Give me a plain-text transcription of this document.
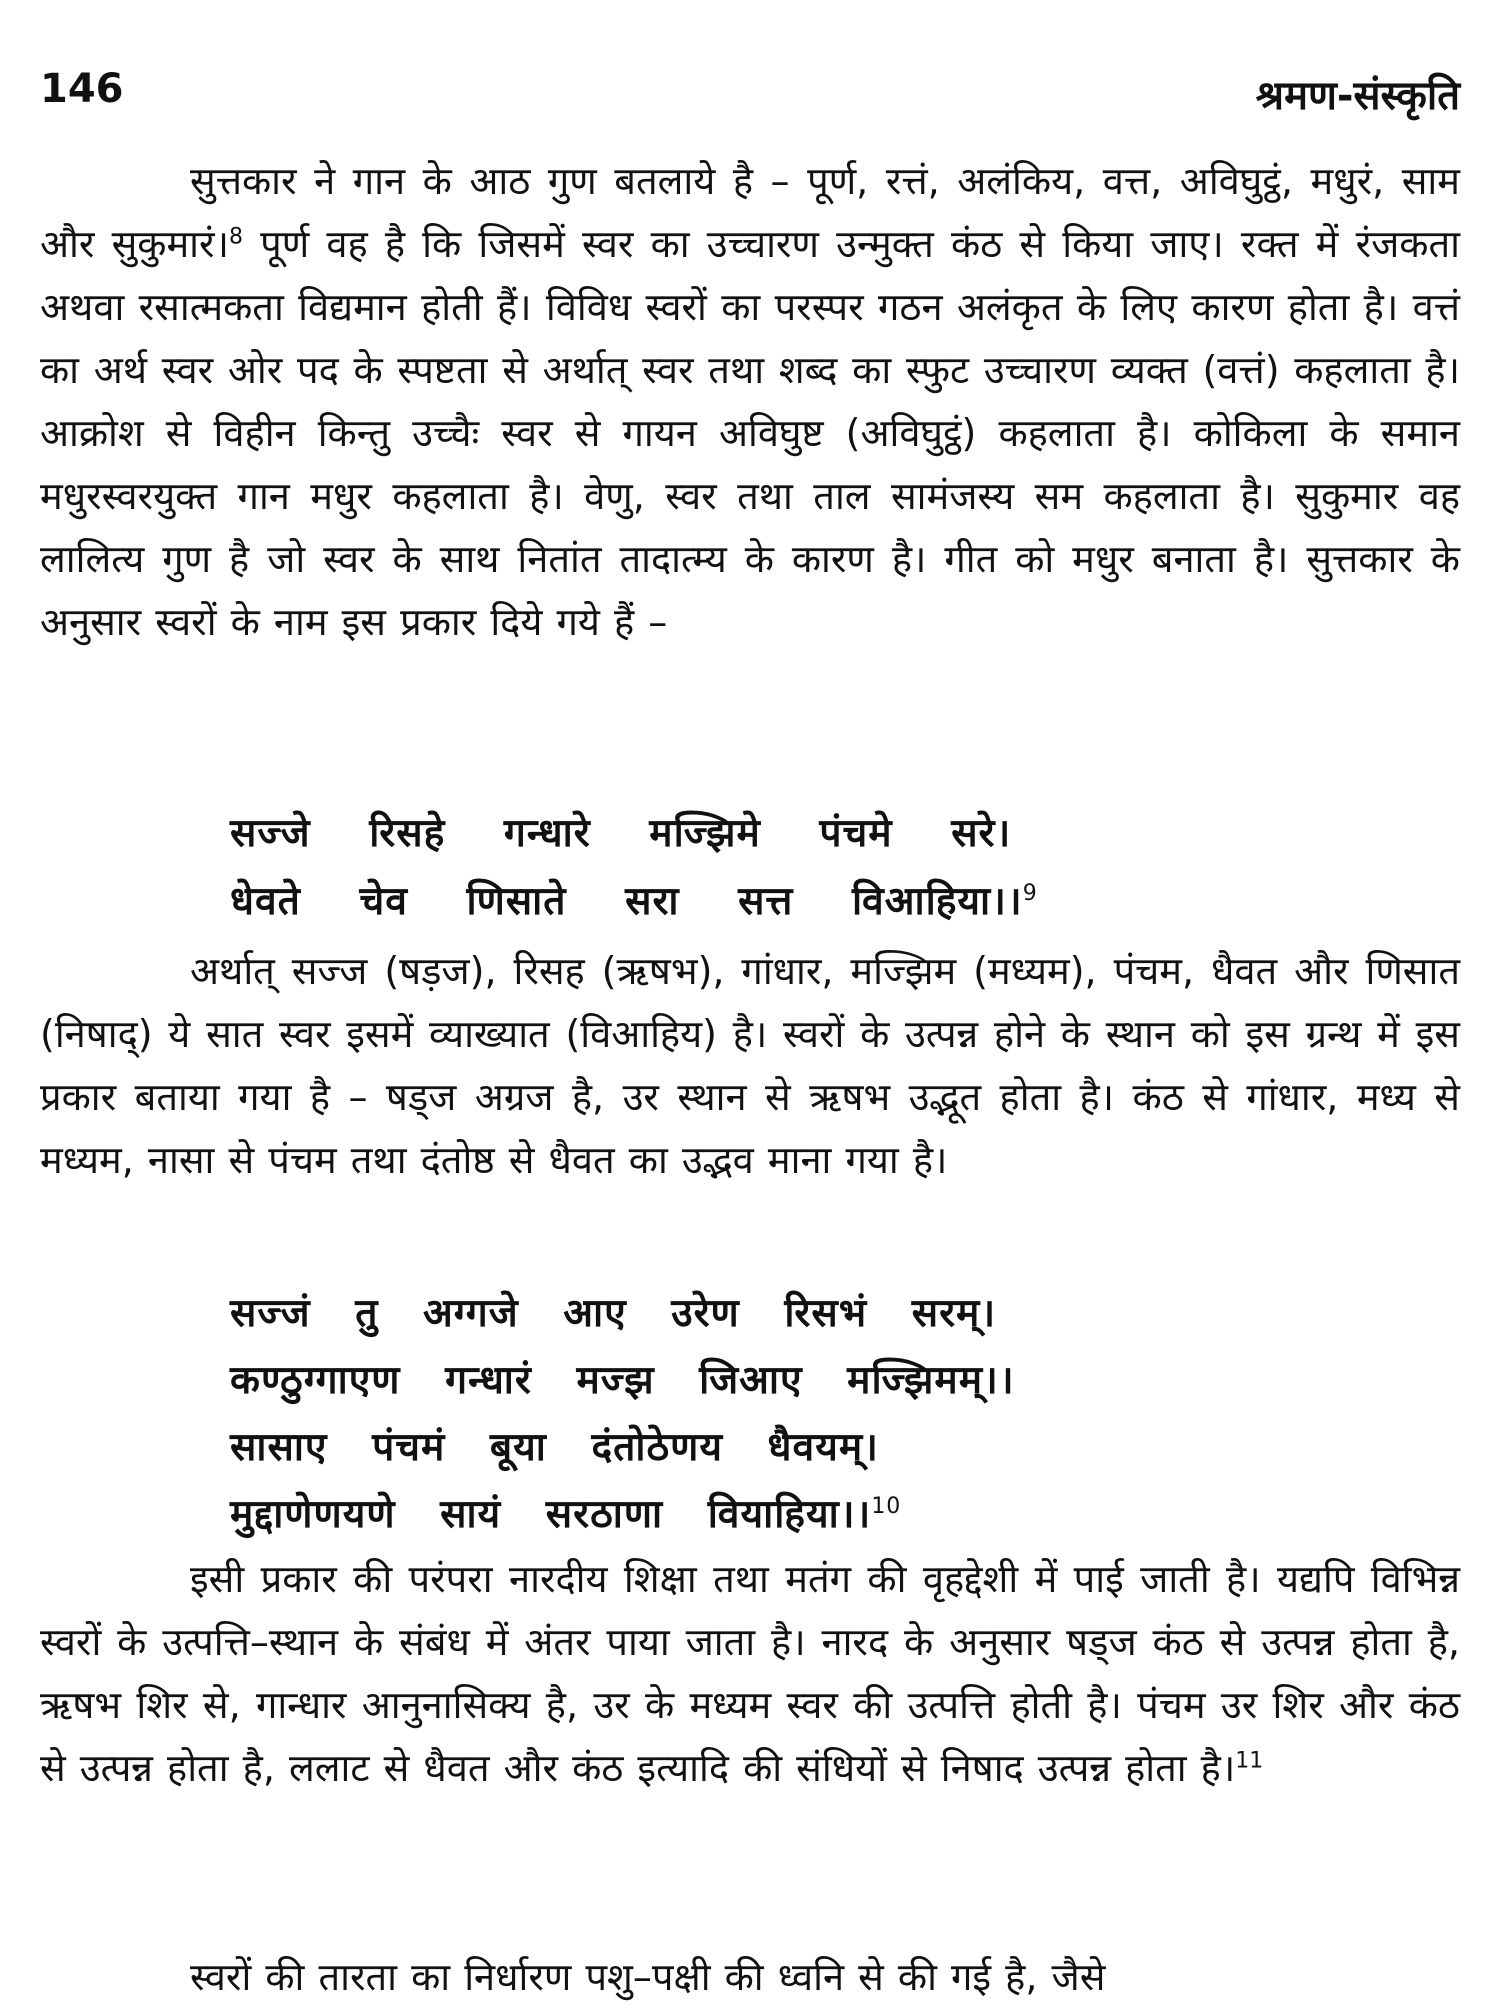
146	श्रमण-संस्कृति
सुत्तकार ने गान के आठ गुण बतलाये है – पूर्ण, रत्तं, अलंकिय, वत्त, अविघुट्ठं, मधुरं, साम और सुकुमारं।$^8$ पूर्ण वह है कि जिसमें स्वर का उच्चारण उन्मुक्त कंठ से किया जाए। रक्त में रंजकता अथवा रसात्मकता विद्यमान होती हैं। विविध स्वरों का परस्पर गठन अलंकृत के लिए कारण होता है। वत्तं का अर्थ स्वर ओर पद के स्पष्टता से अर्थात् स्वर तथा शब्द का स्फुट उच्चारण व्यक्त (वत्तं) कहलाता है। आक्रोश से विहीन किन्तु उच्चैः स्वर से गायन अविघुष्ट (अविघुट्ठं) कहलाता है। कोकिला के समान मधुरस्वरयुक्त गान मधुर कहलाता है। वेणु, स्वर तथा ताल सामंजस्य सम कहलाता है। सुकुमार वह लालित्य गुण है जो स्वर के साथ नितांत तादात्म्य के कारण है। गीत को मधुर बनाता है। सुत्तकार के अनुसार स्वरों के नाम इस प्रकार दिये गये हैं –
सज्जे रिसहे गन्धारे मज्झिमे पंचमे सरे।
धेवते चेव णिसाते सरा सत्त विआहिया।।$^9$
अर्थात् सज्ज (षड़ज), रिसह (ऋषभ), गांधार, मज्झिम (मध्यम), पंचम, धैवत और णिसात (निषाद्) ये सात स्वर इसमें व्याख्यात (विआहिय) है। स्वरों के उत्पन्न होने के स्थान को इस ग्रन्थ में इस प्रकार बताया गया है – षड्ज अग्रज है, उर स्थान से ऋषभ उद्भूत होता है। कंठ से गांधार, मध्य से मध्यम, नासा से पंचम तथा दंतोष्ठ से धैवत का उद्भव माना गया है।
सज्जं तु अग्गजे आए उरेण रिसभं सरम्।
कण्ठुग्गाएण गन्धारं मज्झ जिआए मज्झिमम्।।
सासाए पंचमं बूया दंतोठेणय धैवयम्।
मुद्दाणेणयणे सायं सरठाणा वियाहिया।।$^{10}$
इसी प्रकार की परंपरा नारदीय शिक्षा तथा मतंग की वृहद्देशी में पाई जाती है। यद्यपि विभिन्न स्वरों के उत्पत्ति–स्थान के संबंध में अंतर पाया जाता है। नारद के अनुसार षड्ज कंठ से उत्पन्न होता है, ऋषभ शिर से, गान्धार आनुनासिक्य है, उर के मध्यम स्वर की उत्पत्ति होती है। पंचम उर शिर और कंठ से उत्पन्न होता है, ललाट से धैवत और कंठ इत्यादि की संधियों से निषाद उत्पन्न होता है।$^{11}$
स्वरों की तारता का निर्धारण पशु–पक्षी की ध्वनि से की गई है, जैसे
